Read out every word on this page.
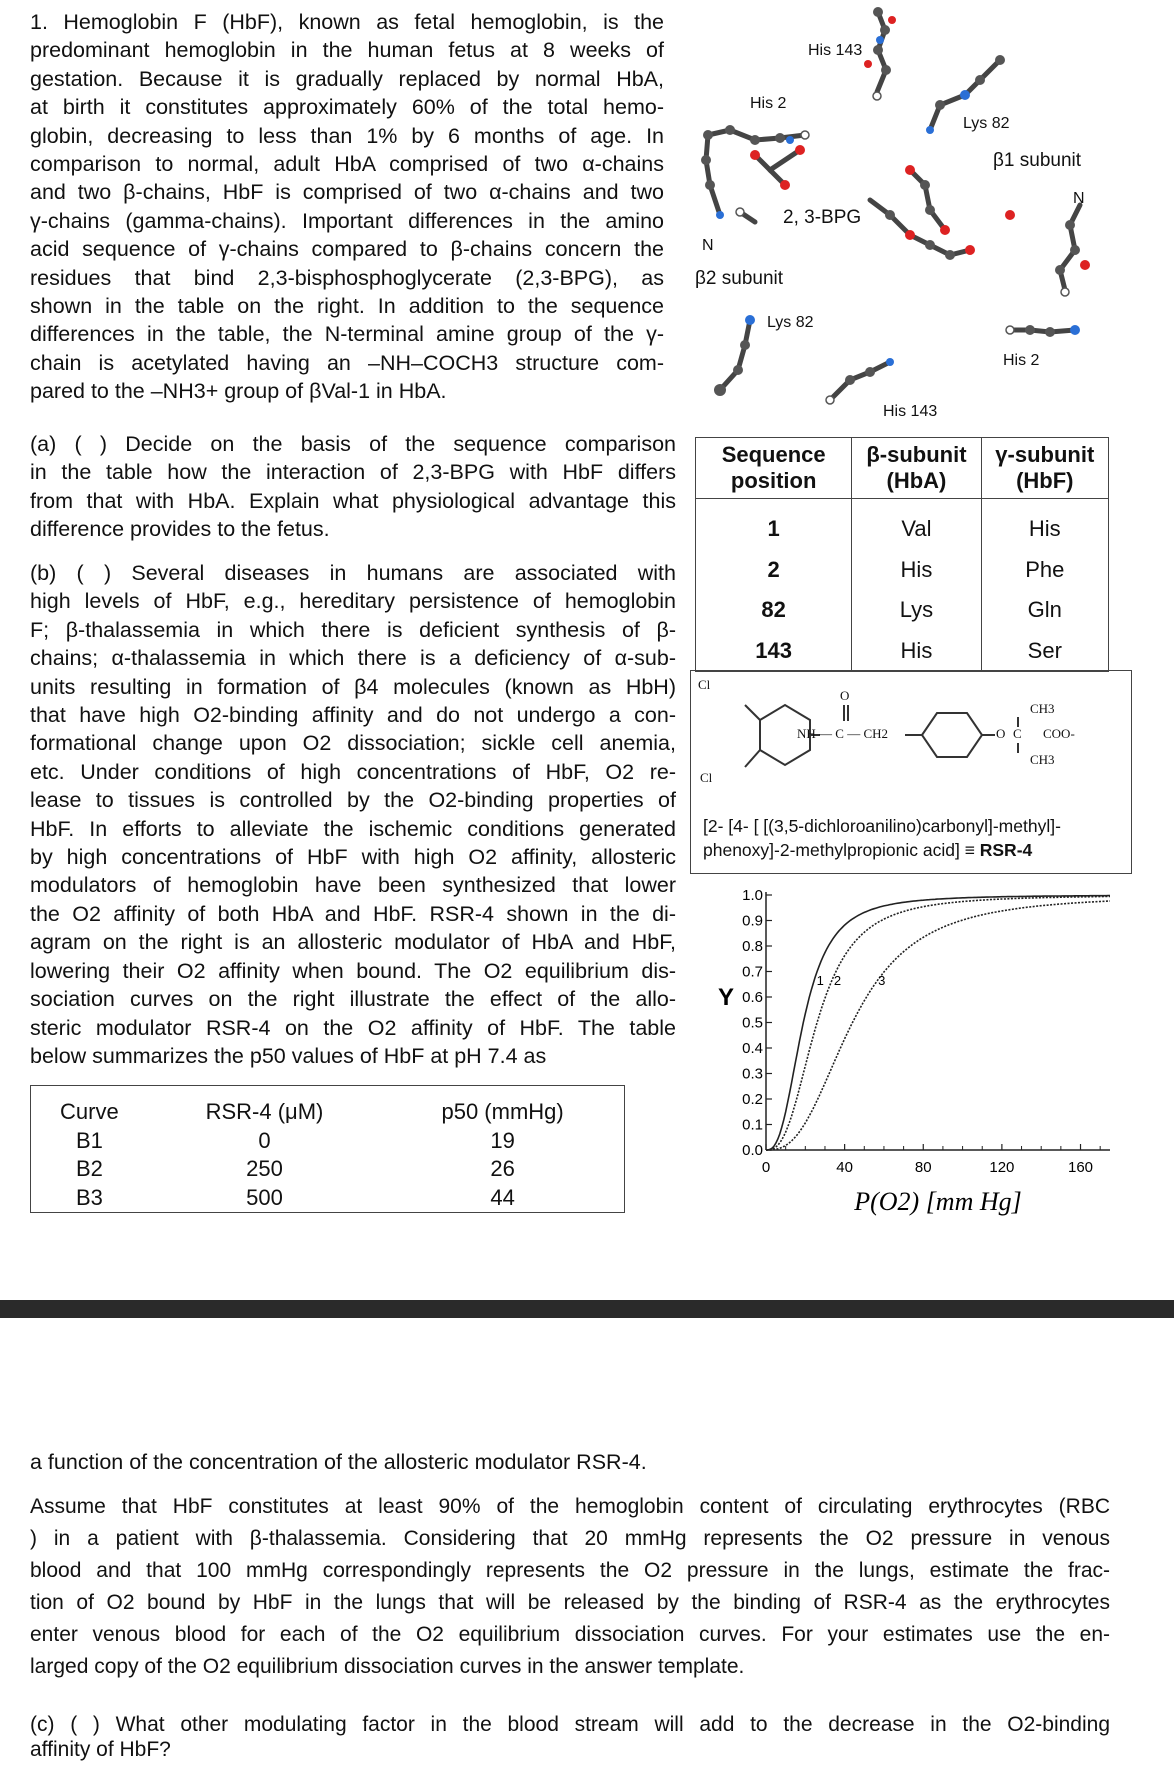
1. Hemoglobin F (HbF), known as fetal hemoglobin, is the

predominant hemoglobin in the human fetus at 8 weeks of

gestation. Because it is gradually replaced by normal HbA,

at birth it constitutes approximately 60% of the total hemo-

globin, decreasing to less than 1% by 6 months of age. In

comparison to normal, adult HbA comprised of two α-chains

and two β-chains, HbF is comprised of two α-chains and two

γ-chains (gamma-chains). Important differences in the amino

acid sequence of γ-chains compared to β-chains concern the

residues that bind 2,3-bisphosphoglycerate (2,3-BPG), as

shown in the table on the right. In addition to the sequence

differences in the table, the N-terminal amine group of the γ-

chain is acetylated having an –NH–COCH3 structure com-

pared to the –NH3+ group of βVal-1 in HbA.

(a) ( ) Decide on the basis of the sequence comparison

in the table how the interaction of 2,3-BPG with HbF differs

from that with HbA. Explain what physiological advantage this

difference provides to the fetus.

(b) ( ) Several diseases in humans are associated with

high levels of HbF, e.g., hereditary persistence of hemoglobin

F; β-thalassemia in which there is deficient synthesis of β-

chains; α-thalassemia in which there is a deficiency of α-sub-

units resulting in formation of β4 molecules (known as HbH)

that have high O2-binding affinity and do not undergo a con-

formational change upon O2 dissociation; sickle cell anemia,

etc. Under conditions of high concentrations of HbF, O2 re-

lease to tissues is controlled by the O2-binding properties of

HbF. In efforts to alleviate the ischemic conditions generated

by high concentrations of HbF with high O2 affinity, allosteric

modulators of hemoglobin have been synthesized that lower

the O2 affinity of both HbA and HbF. RSR-4 shown in the di-

agram on the right is an allosteric modulator of HbA and HbF,

lowering their O2 affinity when bound. The O2 equilibrium dis-

sociation curves on the right illustrate the effect of the allo-

steric modulator RSR-4 on the O2 affinity of HbF. The table

below summarizes the p50 values of HbF at pH 7.4 as

His 143
His 2
Lys 82
β1 subunit
N
2, 3-BPG
N
β2 subunit
Lys 82
His 2
His 143
Sequence position	β-subunit (HbA)	γ-subunit (HbF)
1	Val	His
2	His	Phe
82	Lys	Gln
143	His	Ser
Cl
Cl
O
NH — C — CH2
CH3
O C COO-
CH3
[2- [4- [ [(3,5-dichloroanilino)carbonyl]-methyl]-
phenoxy]-2-methylpropionic acid] ≡ RSR-4
0.0
0.1
0.2
0.3
0.4
0.5
0.6
0.7
0.8
0.9
1.0
0	40	80	120	160
Y
P(O2) [mm Hg]
1 2	3
Curve	RSR-4 (μM)	p50 (mmHg)
B1	0	19
B2	250	26
B3	500	44
a function of the concentration of the allosteric modulator RSR-4.

Assume that HbF constitutes at least 90% of the hemoglobin content of circulating erythrocytes (RBC

) in a patient with β-thalassemia. Considering that 20 mmHg represents the O2 pressure in venous

blood and that 100 mmHg correspondingly represents the O2 pressure in the lungs, estimate the frac-

tion of O2 bound by HbF in the lungs that will be released by the binding of RSR-4 as the erythrocytes

enter venous blood for each of the O2 equilibrium dissociation curves. For your estimates use the en-

larged copy of the O2 equilibrium dissociation curves in the answer template.

(c) ( ) What other modulating factor in the blood stream will add to the decrease in the O2-binding

affinity of HbF?
